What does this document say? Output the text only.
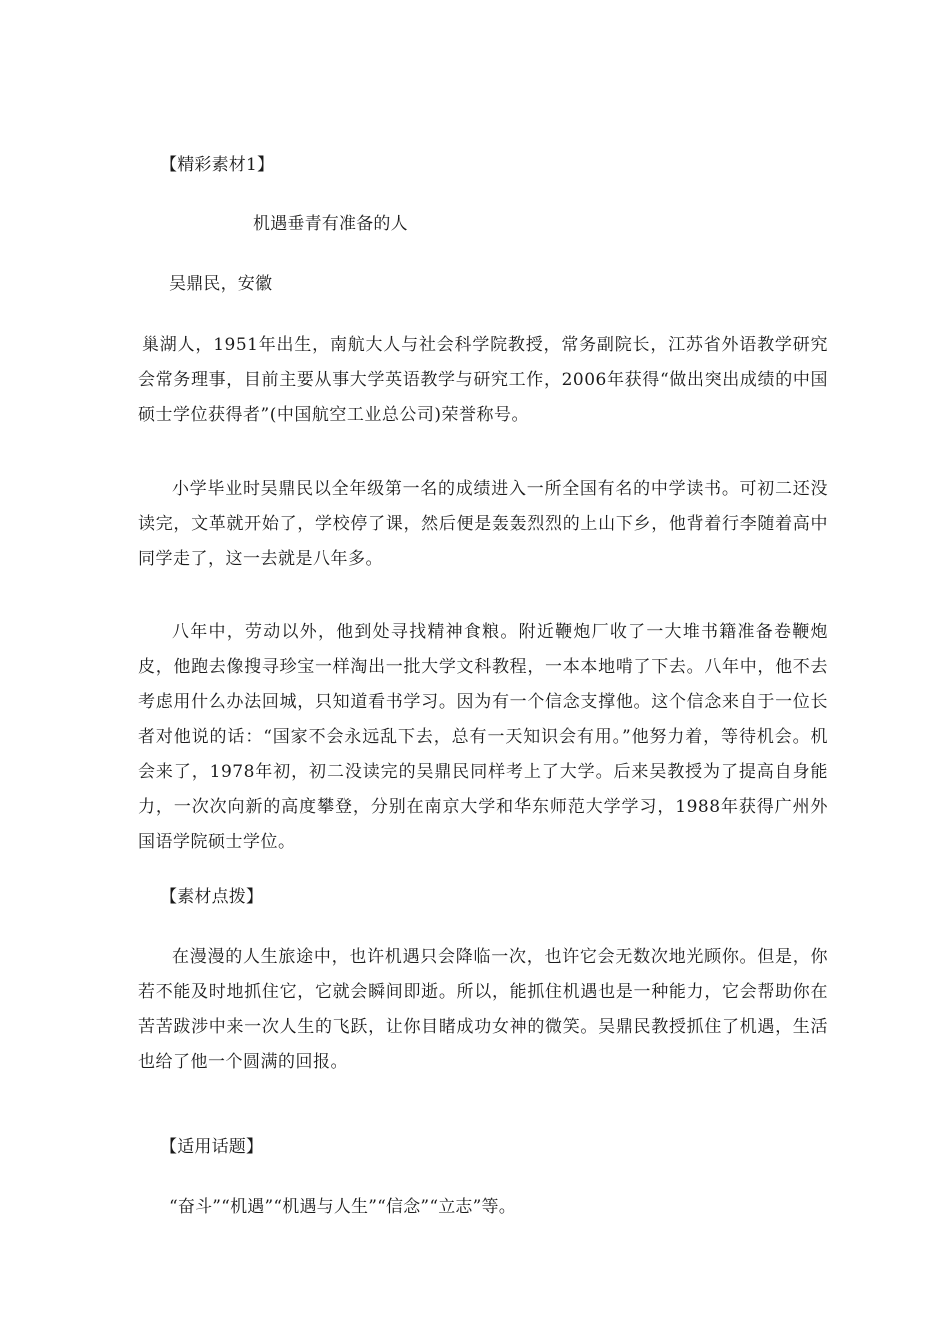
【精彩素材1】
机遇垂青有准备的人
吴鼎民，安徽
巢湖人，1951年出生，南航大人与社会科学院教授，常务副院长，江苏省外语教学研究会常务理事，目前主要从事大学英语教学与研究工作，2006年获得“做出突出成绩的中国硕士学位获得者”(中国航空工业总公司)荣誉称号。
小学毕业时吴鼎民以全年级第一名的成绩进入一所全国有名的中学读书。可初二还没读完，文革就开始了，学校停了课，然后便是轰轰烈烈的上山下乡，他背着行李随着高中同学走了，这一去就是八年多。
八年中，劳动以外，他到处寻找精神食粮。附近鞭炮厂收了一大堆书籍准备卷鞭炮皮，他跑去像搜寻珍宝一样淘出一批大学文科教程，一本本地啃了下去。八年中，他不去考虑用什么办法回城，只知道看书学习。因为有一个信念支撑他。这个信念来自于一位长者对他说的话：“国家不会永远乱下去，总有一天知识会有用。”他努力着，等待机会。机会来了，1978年初，初二没读完的吴鼎民同样考上了大学。后来吴教授为了提高自身能力，一次次向新的高度攀登，分别在南京大学和华东师范大学学习，1988年获得广州外国语学院硕士学位。
【素材点拨】
在漫漫的人生旅途中，也许机遇只会降临一次，也许它会无数次地光顾你。但是，你若不能及时地抓住它，它就会瞬间即逝。所以，能抓住机遇也是一种能力，它会帮助你在苦苦跋涉中来一次人生的飞跃，让你目睹成功女神的微笑。吴鼎民教授抓住了机遇，生活也给了他一个圆满的回报。
【适用话题】
“奋斗”“机遇”“机遇与人生”“信念”“立志”等。
